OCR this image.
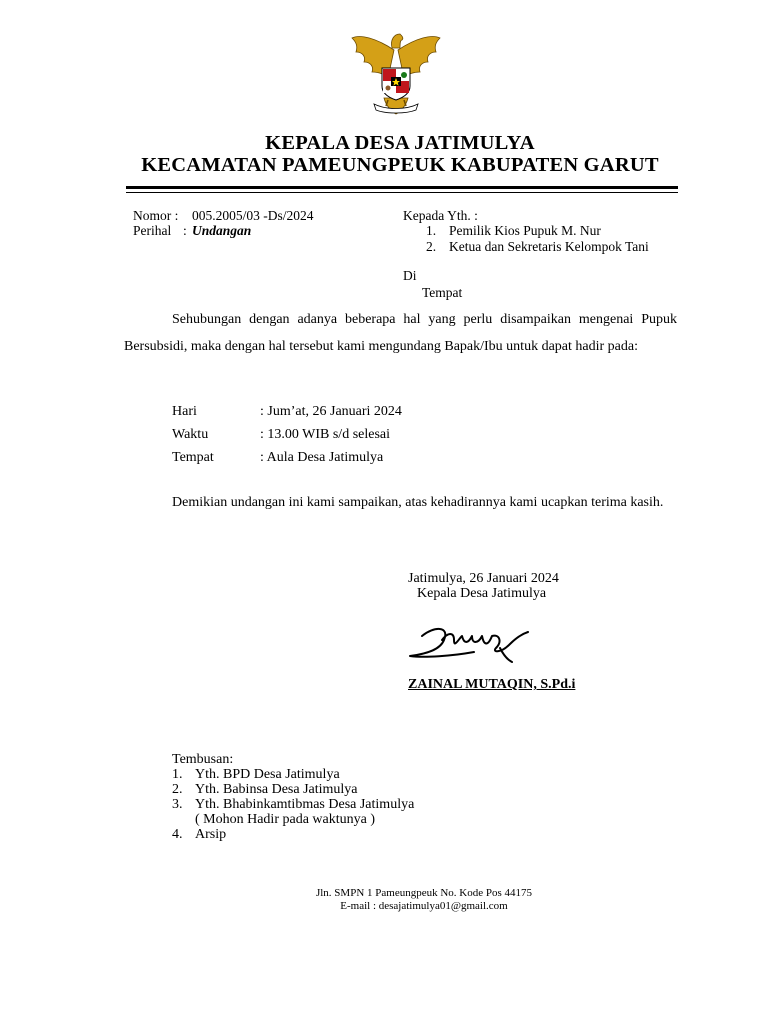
KEPALA DESA JATIMULYA
KECAMATAN PAMEUNGPEUK KABUPATEN GARUT
Nomor : 005.2005/03 -Ds/2024
Perihal : Undangan
Kepada Yth. :
1. Pemilik Kios Pupuk M. Nur
2. Ketua dan Sekretaris Kelompok Tani
Di
Tempat
Sehubungan dengan adanya beberapa hal yang perlu disampaikan mengenai Pupuk Bersubsidi, maka dengan hal tersebut kami mengundang Bapak/Ibu untuk dapat hadir pada:
Hari	: Jum’at, 26 Januari 2024
Waktu	: 13.00 WIB s/d selesai
Tempat	: Aula Desa Jatimulya
Demikian undangan ini kami sampaikan, atas kehadirannya kami ucapkan terima kasih.
Jatimulya, 26 Januari 2024
Kepala Desa Jatimulya
ZAINAL MUTAQIN, S.Pd.i
Tembusan:
1. Yth. BPD Desa Jatimulya
2. Yth. Babinsa Desa Jatimulya
3. Yth. Bhabinkamtibmas Desa Jatimulya
( Mohon Hadir pada waktunya )
4. Arsip
Jln. SMPN 1 Pameungpeuk No. Kode Pos 44175
E-mail : desajatimulya01@gmail.com
